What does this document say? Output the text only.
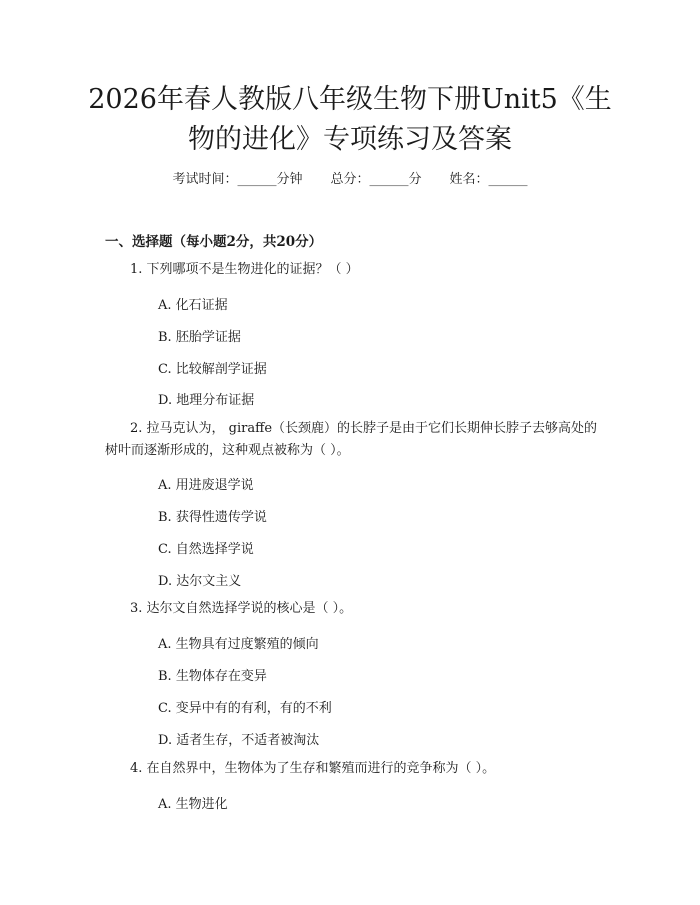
2026年春人教版八年级生物下册Unit5《生
物的进化》专项练习及答案
考试时间：______分钟 总分：______分 姓名：______
一、选择题（每小题2分，共20分）
1. 下列哪项不是生物进化的证据？（ ）
A. 化石证据
B. 胚胎学证据
C. 比较解剖学证据
D. 地理分布证据
2. 拉马克认为， giraffe（长颈鹿）的长脖子是由于它们长期伸长脖子去够高处的树叶而逐渐形成的，这种观点被称为（ ）。
A. 用进废退学说
B. 获得性遗传学说
C. 自然选择学说
D. 达尔文主义
3. 达尔文自然选择学说的核心是（ ）。
A. 生物具有过度繁殖的倾向
B. 生物体存在变异
C. 变异中有的有利，有的不利
D. 适者生存，不适者被淘汰
4. 在自然界中，生物体为了生存和繁殖而进行的竞争称为（ ）。
A. 生物进化
